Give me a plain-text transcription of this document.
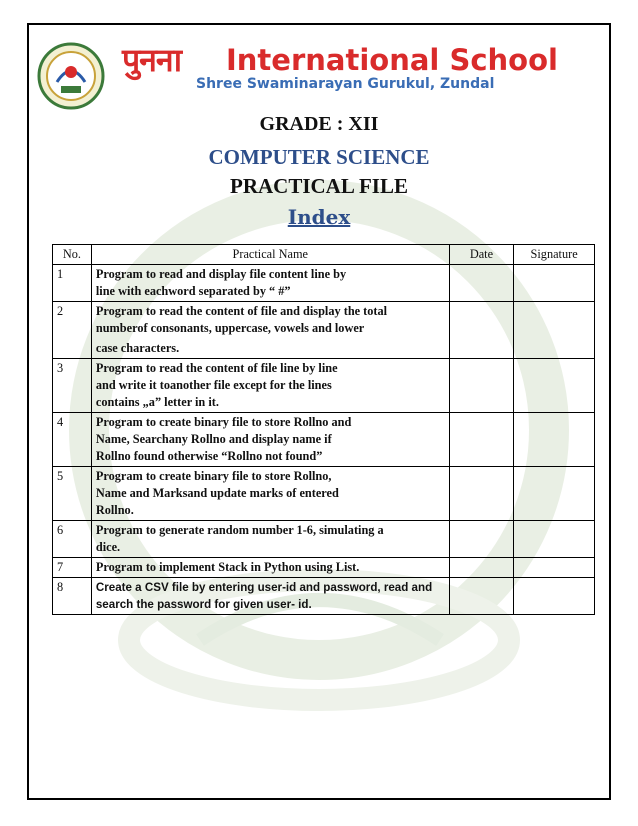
पुनना International School
Shree Swaminarayan Gurukul, Zundal
GRADE : XII
COMPUTER SCIENCE
PRACTICAL FILE
Index
No.	Practical Name	Date	Signature
1	Program to read and display file content line by
line with eachword separated by “ #”		

2	Program to read the content of file and display the total
numberof consonants, uppercase, vowels and lower
case characters.		

3	Program to read the content of file line by line
and write it toanother file except for the lines
contains „a” letter in it.		

4	Program to create binary file to store Rollno and
Name, Searchany Rollno and display name if
Rollno found otherwise “Rollno not found”		

5	Program to create binary file to store Rollno,
Name and Marksand update marks of entered
Rollno.		

6	Program to generate random number 1-6, simulating a
dice.		

7	Program to implement Stack in Python using List.		

8	Create a CSV file by entering user-id and password, read and
search the password for given user- id.		
